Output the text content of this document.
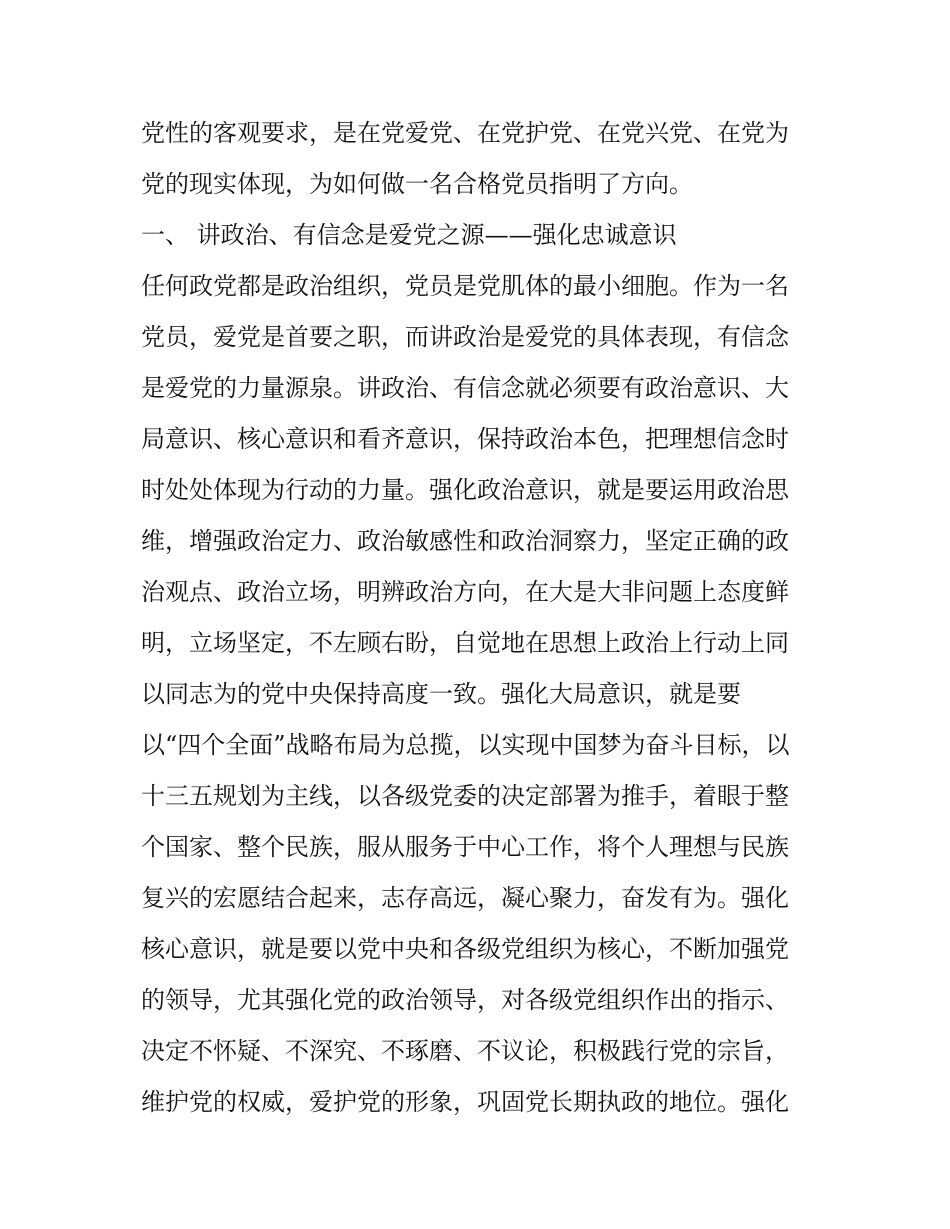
党性的客观要求，是在党爱党、在党护党、在党兴党、在党为
党的现实体现，为如何做一名合格党员指明了方向。
一、 讲政治、有信念是爱党之源——强化忠诚意识
任何政党都是政治组织，党员是党肌体的最小细胞。作为一名
党员，爱党是首要之职，而讲政治是爱党的具体表现，有信念
是爱党的力量源泉。讲政治、有信念就必须要有政治意识、大
局意识、核心意识和看齐意识，保持政治本色，把理想信念时
时处处体现为行动的力量。强化政治意识，就是要运用政治思
维，增强政治定力、政治敏感性和政治洞察力，坚定正确的政
治观点、政治立场，明辨政治方向，在大是大非问题上态度鲜
明，立场坚定，不左顾右盼，自觉地在思想上政治上行动上同
以同志为的党中央保持高度一致。强化大局意识，就是要
以“四个全面”战略布局为总揽，以实现中国梦为奋斗目标，以
十三五规划为主线，以各级党委的决定部署为推手，着眼于整
个国家、整个民族，服从服务于中心工作，将个人理想与民族
复兴的宏愿结合起来，志存高远，凝心聚力，奋发有为。强化
核心意识，就是要以党中央和各级党组织为核心，不断加强党
的领导，尤其强化党的政治领导，对各级党组织作出的指示、
决定不怀疑、不深究、不琢磨、不议论，积极践行党的宗旨，
维护党的权威，爱护党的形象，巩固党长期执政的地位。强化
